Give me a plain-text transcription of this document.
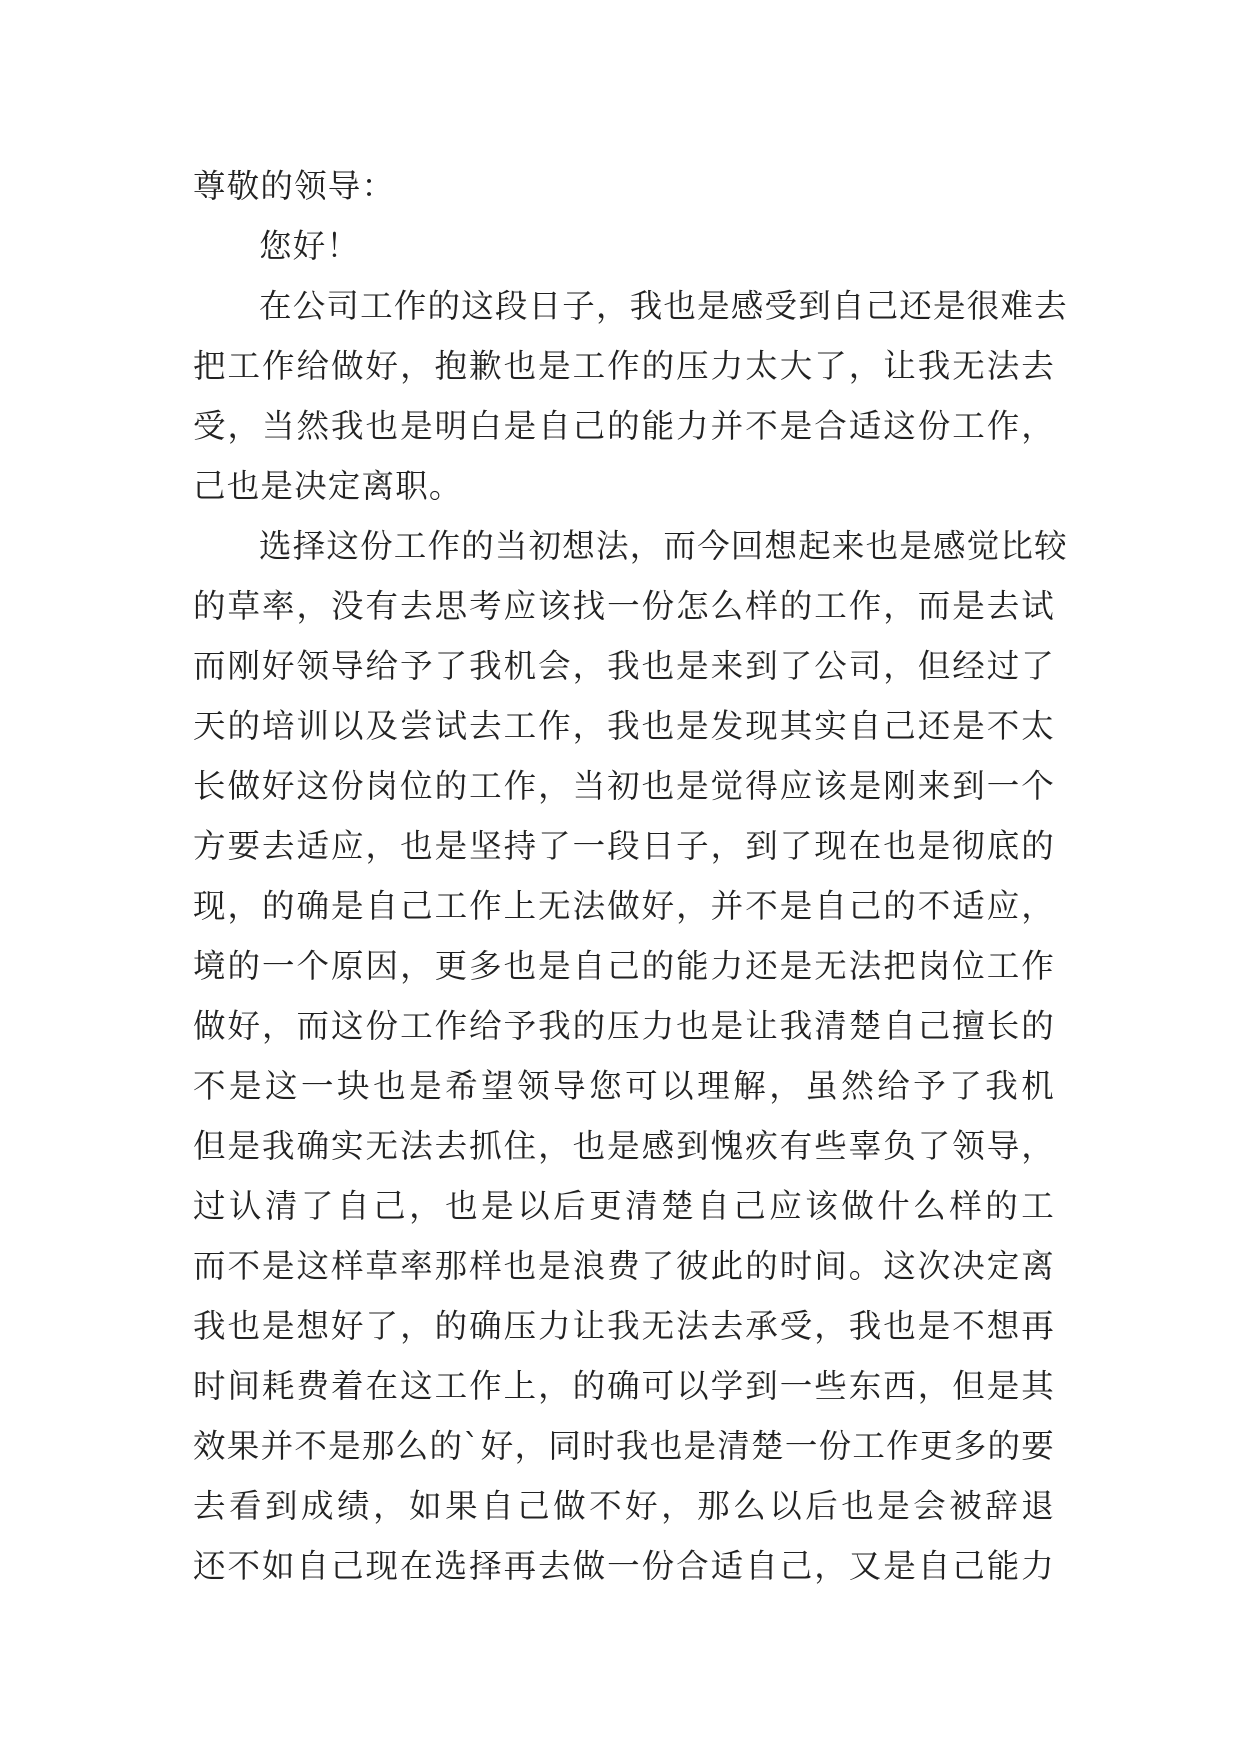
尊敬的领导：
您好！
在公司工作的这段日子，我也是感受到自己还是很难去
把工作给做好，抱歉也是工作的压力太大了，让我无法去
受，当然我也是明白是自己的能力并不是合适这份工作，
己也是决定离职。
选择这份工作的当初想法，而今回想起来也是感觉比较
的草率，没有去思考应该找一份怎么样的工作，而是去试
而刚好领导给予了我机会，我也是来到了公司，但经过了
天的培训以及尝试去工作，我也是发现其实自己还是不太
长做好这份岗位的工作，当初也是觉得应该是刚来到一个
方要去适应，也是坚持了一段日子，到了现在也是彻底的
现，的确是自己工作上无法做好，并不是自己的不适应，
境的一个原因，更多也是自己的能力还是无法把岗位工作
做好，而这份工作给予我的压力也是让我清楚自己擅长的
不是这一块也是希望领导您可以理解，虽然给予了我机
但是我确实无法去抓住，也是感到愧疚有些辜负了领导，
过认清了自己，也是以后更清楚自己应该做什么样的工
而不是这样草率那样也是浪费了彼此的时间。这次决定离
我也是想好了，的确压力让我无法去承受，我也是不想再
时间耗费着在这工作上，的确可以学到一些东西，但是其
效果并不是那么的`好，同时我也是清楚一份工作更多的要
去看到成绩，如果自己做不好，那么以后也是会被辞退
还不如自己现在选择再去做一份合适自己，又是自己能力
